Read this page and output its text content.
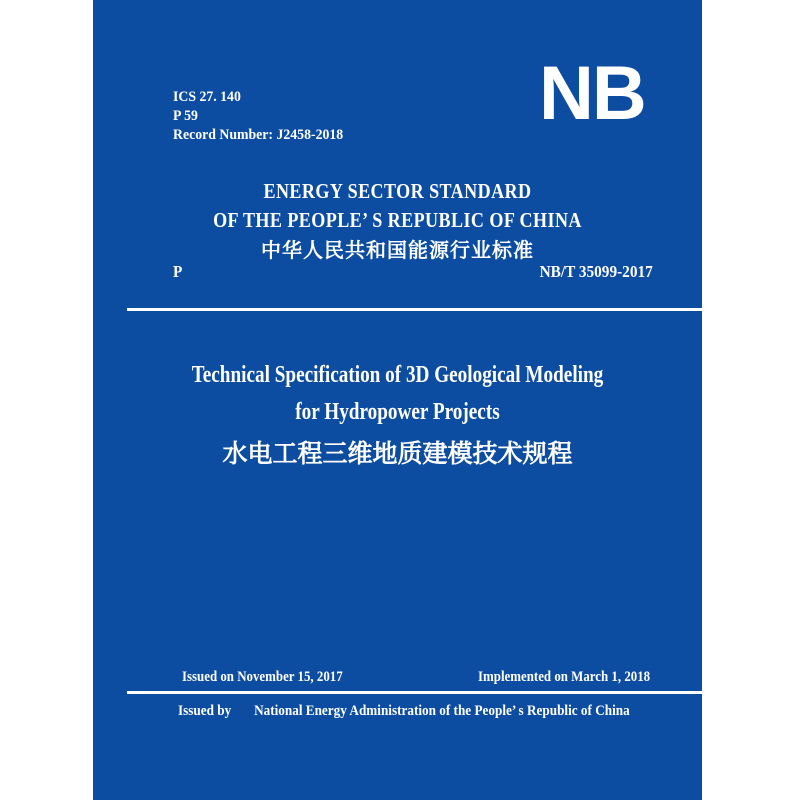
ICS 27. 140
P 59
Record Number: J2458-2018	NB
ENERGY SECTOR STANDARD
OF THE PEOPLE’ S REPUBLIC OF CHINA
中华人民共和国能源行业标准
P	NB/T 35099-2017
Technical Specification of 3D Geological Modeling
for Hydropower Projects
水电工程三维地质建模技术规程
Issued on November 15, 2017	Implemented on March 1, 2018
Issued by National Energy Administration of the People’ s Republic of China
